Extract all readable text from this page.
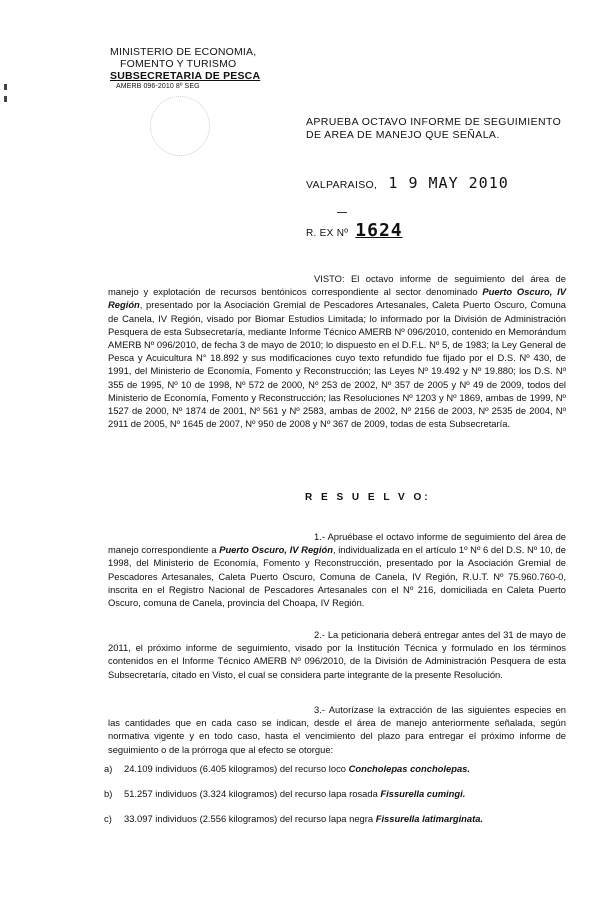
MINISTERIO DE ECONOMIA,
FOMENTO Y TURISMO
SUBSECRETARIA DE PESCA
AMERB 096-2010 8º SEG
APRUEBA OCTAVO INFORME DE SEGUIMIENTO
DE AREA DE MANEJO QUE SEÑALA.
VALPARAISO, 1 9 MAY 2010
R. EX Nº 1624
VISTO: El octavo informe de seguimiento del área de manejo y explotación de recursos bentónicos correspondiente al sector denominado Puerto Oscuro, IV Región, presentado por la Asociación Gremial de Pescadores Artesanales, Caleta Puerto Oscuro, Comuna de Canela, IV Región, visado por Biomar Estudios Limitada; lo informado por la División de Administración Pesquera de esta Subsecretaría, mediante Informe Técnico AMERB Nº 096/2010, contenido en Memorándum AMERB Nº 096/2010, de fecha 3 de mayo de 2010; lo dispuesto en el D.F.L. Nº 5, de 1983; la Ley General de Pesca y Acuicultura N° 18.892 y sus modificaciones cuyo texto refundido fue fijado por el D.S. Nº 430, de 1991, del Ministerio de Economía, Fomento y Reconstrucción; las Leyes Nº 19.492 y Nº 19.880; los D.S. Nº 355 de 1995, Nº 10 de 1998, Nº 572 de 2000, Nº 253 de 2002, Nº 357 de 2005 y Nº 49 de 2009, todos del Ministerio de Economía, Fomento y Reconstrucción; las Resoluciones Nº 1203 y Nº 1869, ambas de 1999, Nº 1527 de 2000, Nº 1874 de 2001, Nº 561 y Nº 2583, ambas de 2002, Nº 2156 de 2003, Nº 2535 de 2004, Nº 2911 de 2005, Nº 1645 de 2007, Nº 950 de 2008 y Nº 367 de 2009, todas de esta Subsecretaría.
R E S U E L V O:
1.- Apruébase el octavo informe de seguimiento del área de manejo correspondiente a Puerto Oscuro, IV Región, individualizada en el artículo 1º Nº 6 del D.S. Nº 10, de 1998, del Ministerio de Economía, Fomento y Reconstrucción, presentado por la Asociación Gremial de Pescadores Artesanales, Caleta Puerto Oscuro, Comuna de Canela, IV Región, R.U.T. Nº 75.960.760-0, inscrita en el Registro Nacional de Pescadores Artesanales con el Nº 216, domiciliada en Caleta Puerto Oscuro, comuna de Canela, provincia del Choapa, IV Región.
2.- La peticionaria deberá entregar antes del 31 de mayo de 2011, el próximo informe de seguimiento, visado por la Institución Técnica y formulado en los términos contenidos en el Informe Técnico AMERB Nº 096/2010, de la División de Administración Pesquera de esta Subsecretaría, citado en Visto, el cual se considera parte integrante de la presente Resolución.
3.- Autorízase la extracción de las siguientes especies en las cantidades que en cada caso se indican, desde el área de manejo anteriormente señalada, según normativa vigente y en todo caso, hasta el vencimiento del plazo para entregar el próximo informe de seguimiento o de la prórroga que al efecto se otorgue:
a) 24.109 individuos (6.405 kilogramos) del recurso loco Concholepas concholepas.
b) 51.257 individuos (3.324 kilogramos) del recurso lapa rosada Fissurella cumingi.
c) 33.097 individuos (2.556 kilogramos) del recurso lapa negra Fissurella latimarginata.
